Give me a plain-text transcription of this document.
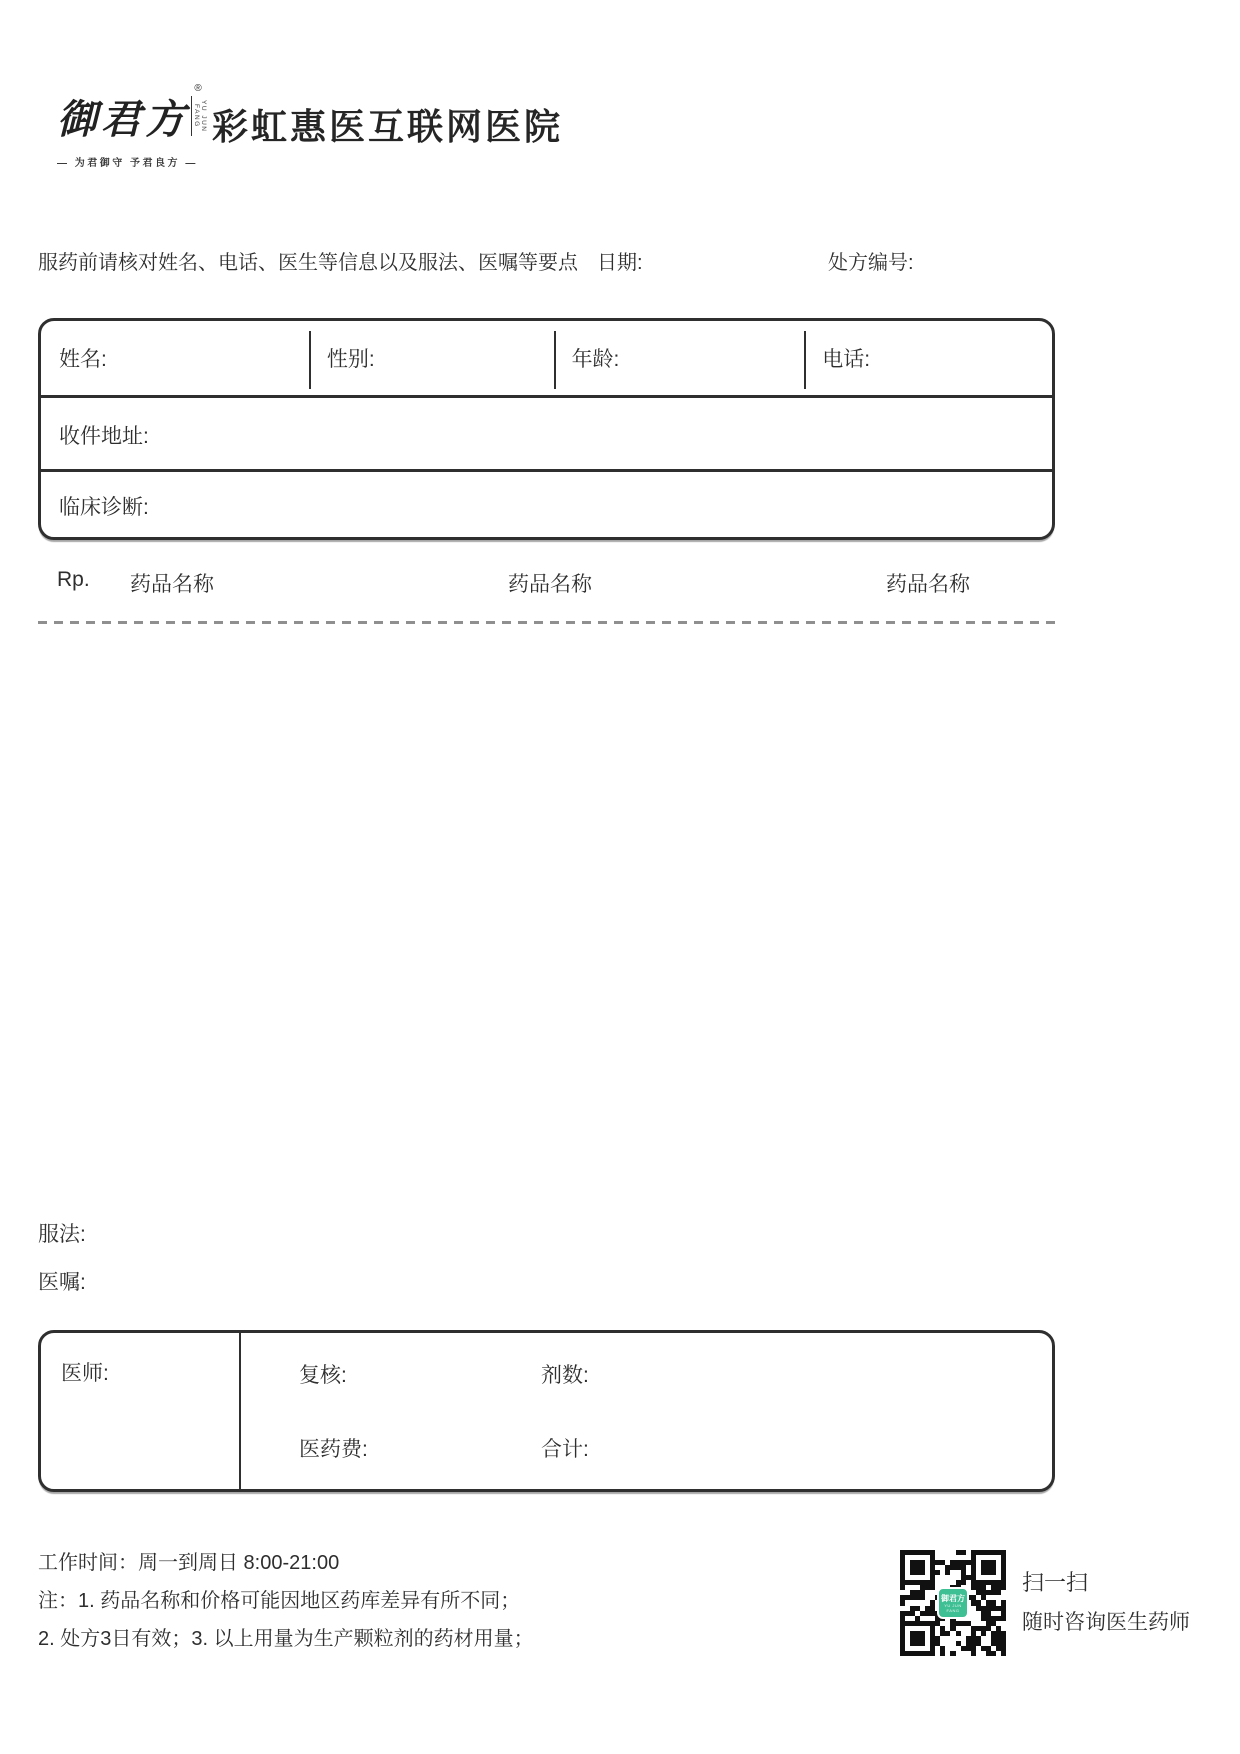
御君方
®
YU JUN FANG
— 为君御守 予君良方 —
彩虹惠医互联网医院
服药前请核对姓名、电话、医生等信息以及服法、医嘱等要点 日期:	处方编号:
姓名:	性别:	年龄:	电话:
收件地址:
临床诊断:
Rp. 药品名称	药品名称	药品名称
服法:
医嘱:
医师:	复核:	剂数:
医药费:	合计:
工作时间：周一到周日 8:00-21:00
注：1. 药品名称和价格可能因地区药库差异有所不同；
2. 处方3日有效；3. 以上用量为生产颗粒剂的药材用量；
御君方
YU JUN FANG
扫一扫
随时咨询医生药师
